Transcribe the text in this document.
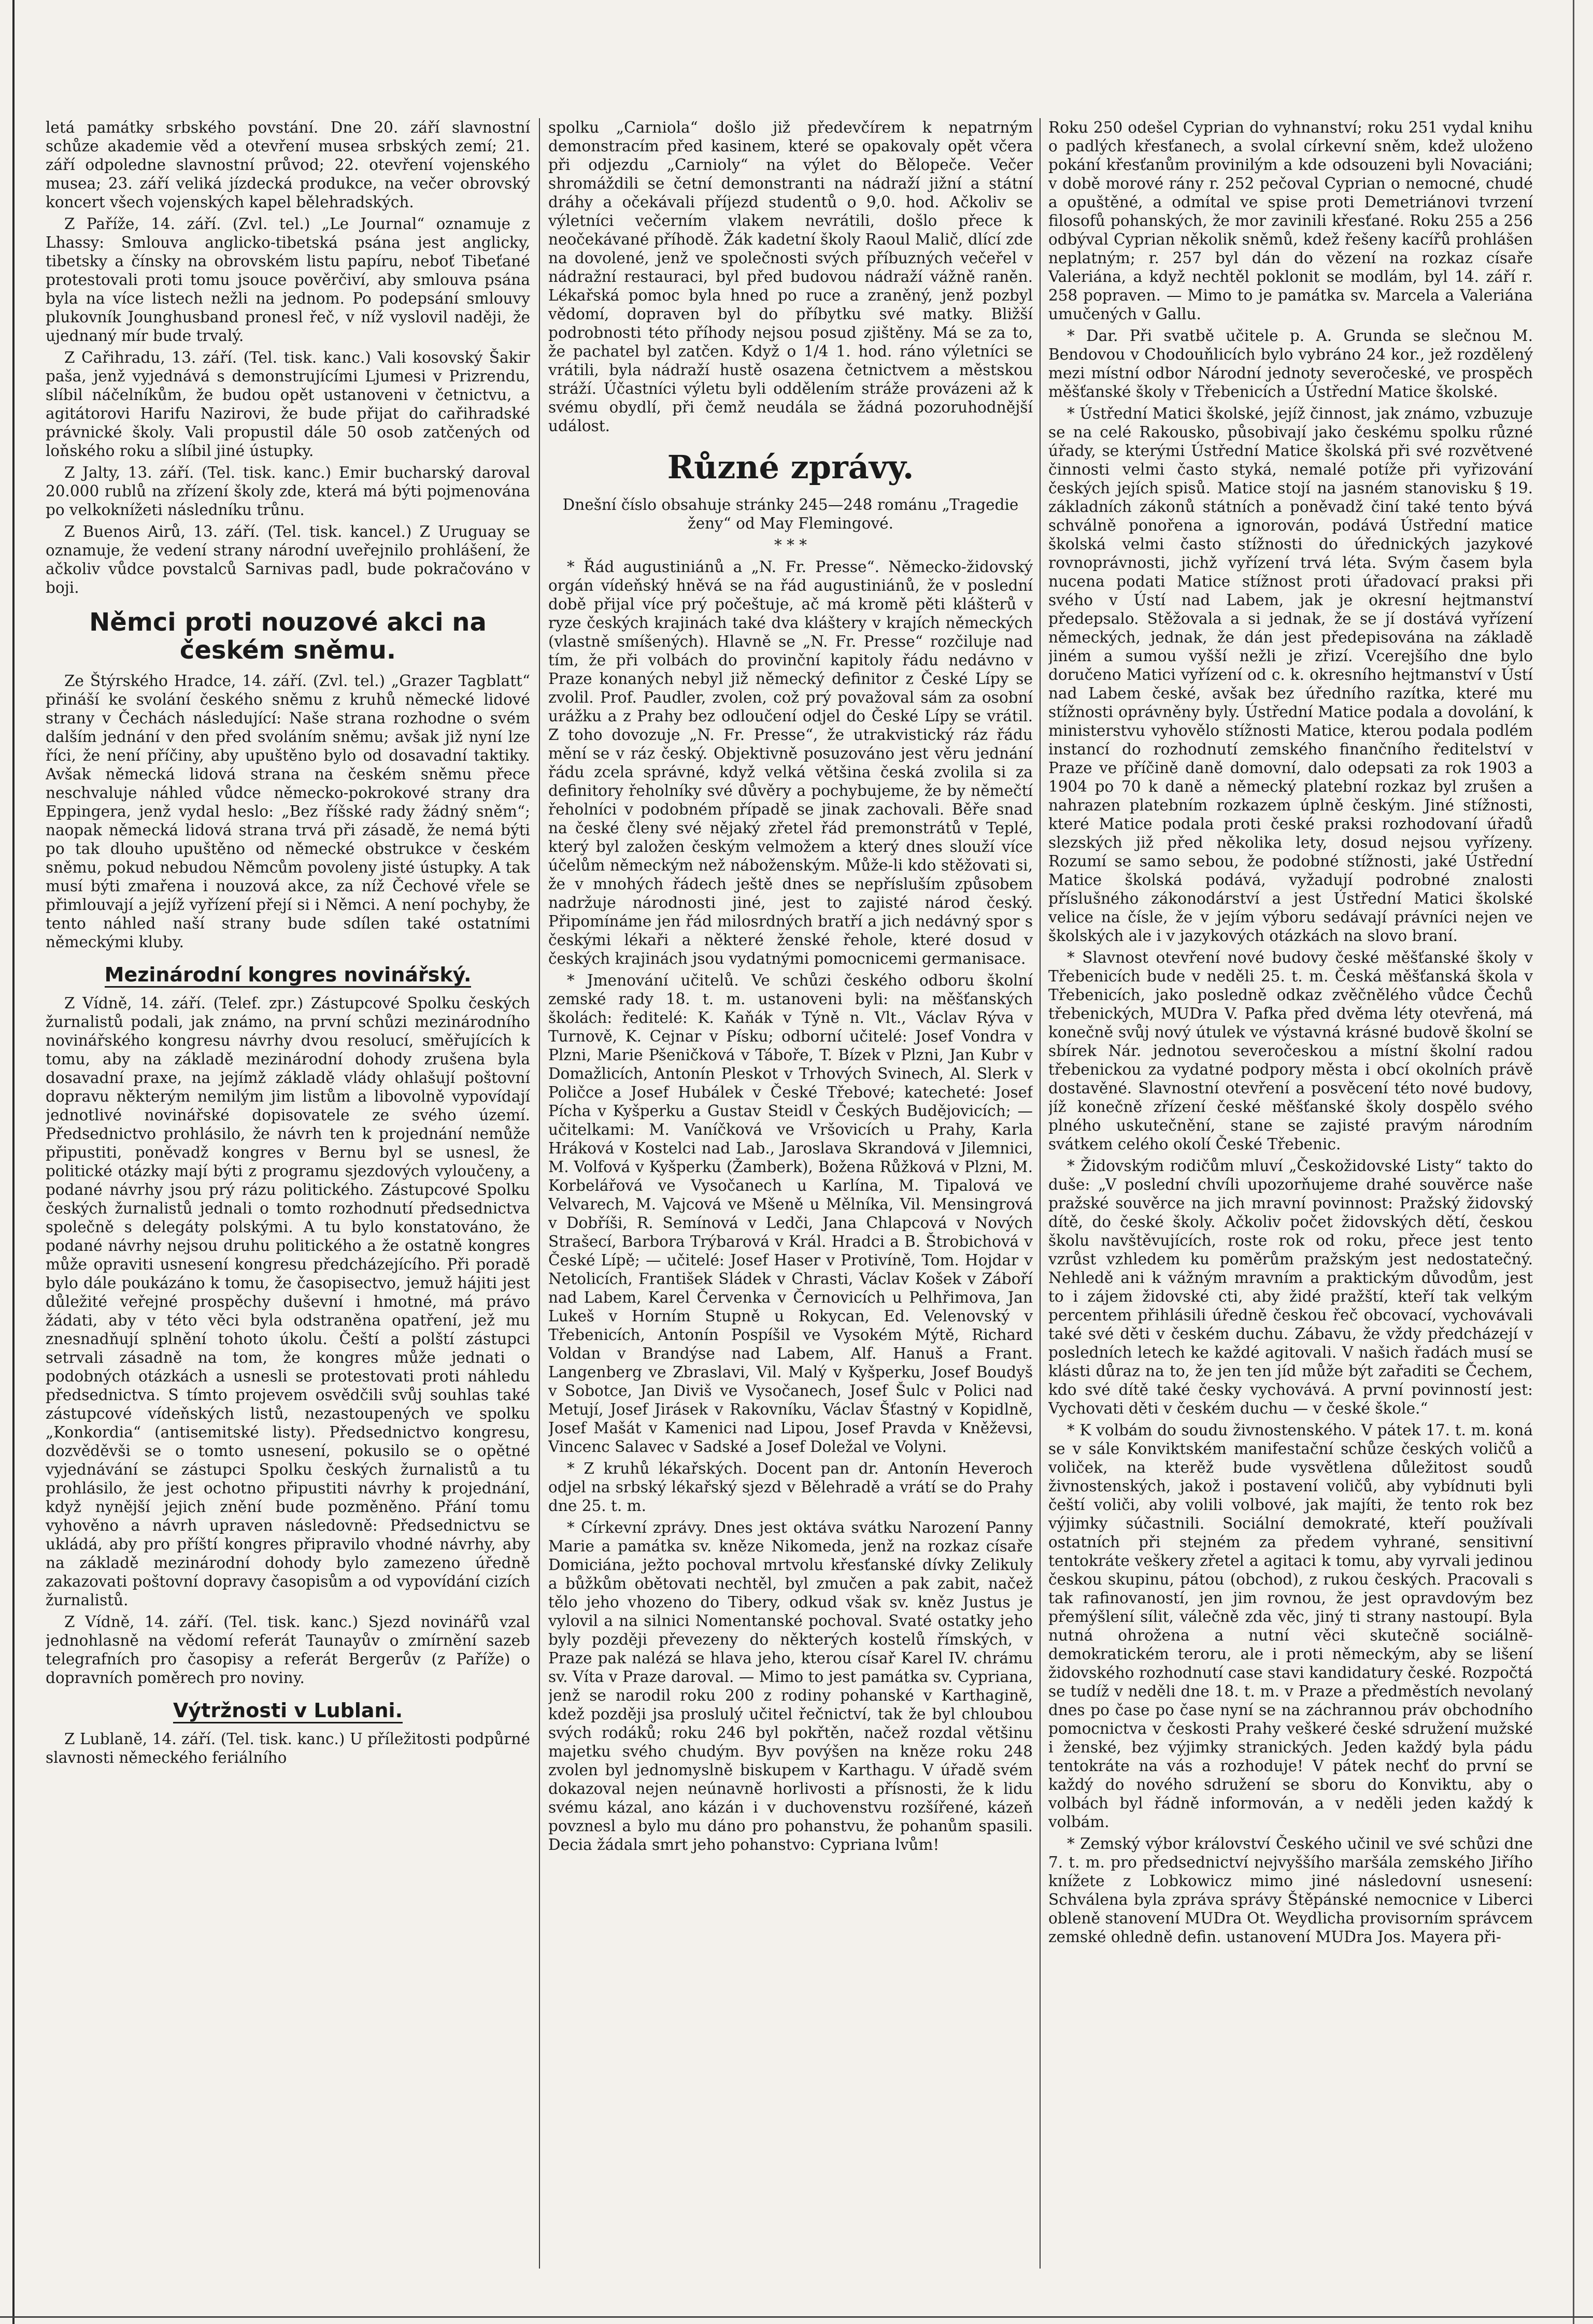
letá památky srbského povstání. Dne 20. září slavnostní schůze akademie věd a otevření musea srbských zemí; 21. září odpoledne slavnostní průvod; 22. otevření vojenského musea; 23. září veliká jízdecká produkce, na večer obrovský koncert všech vojenských kapel bělehradských.

Z Paříže, 14. září. (Zvl. tel.) „Le Journal“ oznamuje z Lhassy: Smlouva anglicko-tibetská psána jest anglicky, tibetsky a čínsky na obrovském listu papíru, neboť Tibeťané protestovali proti tomu jsouce pověrčiví, aby smlouva psána byla na více listech nežli na jednom. Po podepsání smlouvy plukovník Jounghusband pronesl řeč, v níž vyslovil naději, že ujednaný mír bude trvalý.

Z Cařihradu, 13. září. (Tel. tisk. kanc.) Vali kosovský Šakir paša, jenž vyjednává s demonstrujícími Ljumesi v Prizrendu, slíbil náčelníkům, že budou opět ustanoveni v četnictvu, a agitátorovi Harifu Nazirovi, že bude přijat do cařihradské právnické školy. Vali propustil dále 50 osob zatčených od loňského roku a slíbil jiné ústupky.

Z Jalty, 13. září. (Tel. tisk. kanc.) Emir bucharský daroval 20.000 rublů na zřízení školy zde, která má býti pojmenována po velkoknížeti následníku trůnu.

Z Buenos Airů, 13. září. (Tel. tisk. kancel.) Z Uruguay se oznamuje, že vedení strany národní uveřejnilo prohlášení, že ačkoliv vůdce povstalců Sarnivas padl, bude pokračováno v boji.

Němci proti nouzové akci na českém sněmu.

Ze Štýrského Hradce, 14. září. (Zvl. tel.) „Grazer Tagblatt“ přináší ke svolání českého sněmu z kruhů německé lidové strany v Čechách následující: Naše strana rozhodne o svém dalším jednání v den před svoláním sněmu; avšak již nyní lze říci, že není příčiny, aby upuštěno bylo od dosavadní taktiky. Avšak německá lidová strana na českém sněmu přece neschvaluje náhled vůdce německo-pokrokové strany dra Eppingera, jenž vydal heslo: „Bez říšské rady žádný sněm“; naopak německá lidová strana trvá při zásadě, že nemá býti po tak dlouho upuštěno od německé obstrukce v českém sněmu, pokud nebudou Němcům povoleny jisté ústupky. A tak musí býti zmařena i nouzová akce, za níž Čechové vřele se přimlouvají a jejíž vyřízení přejí si i Němci. A není pochyby, že tento náhled naší strany bude sdílen také ostatními německými kluby.

Mezinárodní kongres novinářský.

Z Vídně, 14. září. (Telef. zpr.) Zástupcové Spolku českých žurnalistů podali, jak známo, na první schůzi mezinárodního novinářského kongresu návrhy dvou resolucí, směřujících k tomu, aby na základě mezinárodní dohody zrušena byla dosavadní praxe, na jejímž základě vlády ohlašují poštovní dopravu některým nemilým jim listům a libovolně vypovídají jednotlivé novinářské dopisovatele ze svého území. Předsednictvo prohlásilo, že návrh ten k projednání nemůže připustiti, poněvadž kongres v Bernu byl se usnesl, že politické otázky mají býti z programu sjezdových vyloučeny, a podané návrhy jsou prý rázu politického. Zástupcové Spolku českých žurnalistů jednali o tomto rozhodnutí předsednictva společně s delegáty polskými. A tu bylo konstatováno, že podané návrhy nejsou druhu politického a že ostatně kongres může opraviti usnesení kongresu předcházejícího. Při poradě bylo dále poukázáno k tomu, že časopisectvo, jemuž hájiti jest důležité veřejné prospěchy duševní i hmotné, má právo žádati, aby v této věci byla odstraněna opatření, jež mu znesnadňují splnění tohoto úkolu. Čeští a polští zástupci setrvali zásadně na tom, že kongres může jednati o podobných otázkách a usnesli se protestovati proti náhledu předsednictva. S tímto projevem osvědčili svůj souhlas také zástupcové vídeňských listů, nezastoupených ve spolku „Konkordia“ (antisemitské listy). Předsednictvo kongresu, dozvěděvši se o tomto usnesení, pokusilo se o opětné vyjednávání se zástupci Spolku českých žurnalistů a tu prohlásilo, že jest ochotno připustiti návrhy k projednání, když nynější jejich znění bude pozměněno. Přání tomu vyhověno a návrh upraven následovně: Předsednictvu se ukládá, aby pro příští kongres připravilo vhodné návrhy, aby na základě mezinárodní dohody bylo zamezeno úředně zakazovati poštovní dopravy časopisům a od vypovídání cizích žurnalistů.

Z Vídně, 14. září. (Tel. tisk. kanc.) Sjezd novinářů vzal jednohlasně na vědomí referát Taunayův o zmírnění sazeb telegrafních pro časopisy a referát Bergerův (z Paříže) o dopravních poměrech pro noviny.

Výtržnosti v Lublani.

Z Lublaně, 14. září. (Tel. tisk. kanc.) U příležitosti podpůrné slavnosti německého feriálního

spolku „Carniola“ došlo již předevčírem k nepatrným demonstracím před kasinem, které se opakovaly opět včera při odjezdu „Carnioly“ na výlet do Bělopeče. Večer shromáždili se četní demonstranti na nádraží jižní a státní dráhy a očekávali příjezd studentů o 9,0. hod. Ačkoliv se výletníci večerním vlakem nevrátili, došlo přece k neočekávané příhodě. Žák kadetní školy Raoul Malič, dlící zde na dovolené, jenž ve společnosti svých příbuzných večeřel v nádražní restauraci, byl před budovou nádraží vážně raněn. Lékařská pomoc byla hned po ruce a zraněný, jenž pozbyl vědomí, dopraven byl do příbytku své matky. Bližší podrobnosti této příhody nejsou posud zjištěny. Má se za to, že pachatel byl zatčen. Když o 1/4 1. hod. ráno výletníci se vrátili, byla nádraží hustě osazena četnictvem a městskou stráží. Účastníci výletu byli oddělením stráže provázeni až k svému obydlí, při čemž neudála se žádná pozoruhodnější událost.

Různé zprávy.

Dnešní číslo obsahuje stránky 245—248 románu „Tragedie ženy“ od May Flemingové.

* * *

* Řád augustiniánů a „N. Fr. Presse“. Německo-židovský orgán vídeňský hněvá se na řád augustiniánů, že v poslední době přijal více prý počeštuje, ač má kromě pěti klášterů v ryze českých krajinách také dva kláštery v krajích německých (vlastně smíšených). Hlavně se „N. Fr. Presse“ rozčiluje nad tím, že při volbách do provinční kapitoly řádu nedávno v Praze konaných nebyl již německý definitor z České Lípy se zvolil. Prof. Paudler, zvolen, což prý považoval sám za osobní urážku a z Prahy bez odloučení odjel do České Lípy se vrátil. Z toho dovozuje „N. Fr. Presse“, že utrakvistický ráz řádu mění se v ráz český. Objektivně posuzováno jest věru jednání řádu zcela správné, když velká většina česká zvolila si za definitory řeholníky své důvěry a pochybujeme, že by němečtí řeholníci v podobném případě se jinak zachovali. Běře snad na české členy své nějaký zřetel řád premonstrátů v Teplé, který byl založen českým velmožem a který dnes slouží více účelům německým než náboženským. Může-li kdo stěžovati si, že v mnohých řádech ještě dnes se nepřísluším způsobem nadržuje národnosti jiné, jest to zajisté národ český. Připomínáme jen řád milosrdných bratří a jich nedávný spor s českými lékaři a některé ženské řehole, které dosud v českých krajinách jsou vydatnými pomocnicemi germanisace.

* Jmenování učitelů. Ve schůzi českého odboru školní zemské rady 18. t. m. ustanoveni byli: na měšťanských školách: ředitelé: K. Kaňák v Týně n. Vlt., Václav Rýva v Turnově, K. Cejnar v Písku; odborní učitelé: Josef Vondra v Plzni, Marie Pšeničková v Táboře, T. Bízek v Plzni, Jan Kubr v Domažlicích, Antonín Pleskot v Trhových Svinech, Al. Slerk v Poličce a Josef Hubálek v České Třebové; katecheté: Josef Pícha v Kyšperku a Gustav Steidl v Českých Budějovicích; — učitelkami: M. Vaníčková ve Vršovicích u Prahy, Karla Hráková v Kostelci nad Lab., Jaroslava Skrandová v Jilemnici, M. Volfová v Kyšperku (Žamberk), Božena Růžková v Plzni, M. Korbelářová ve Vysočanech u Karlína, M. Tipalová ve Velvarech, M. Vajcová ve Mšeně u Mělníka, Vil. Mensingrová v Dobříši, R. Semínová v Ledči, Jana Chlapcová v Nových Strašecí, Barbora Trýbarová v Král. Hradci a B. Štrobichová v České Lípě; — učitelé: Josef Haser v Protivíně, Tom. Hojdar v Netolicích, František Sládek v Chrasti, Václav Košek v Záboří nad Labem, Karel Červenka v Černovicích u Pelhřimova, Jan Lukeš v Horním Stupně u Rokycan, Ed. Velenovský v Třebenicích, Antonín Pospíšil ve Vysokém Mýtě, Richard Voldan v Brandýse nad Labem, Alf. Hanuš a Frant. Langenberg ve Zbraslavi, Vil. Malý v Kyšperku, Josef Boudyš v Sobotce, Jan Diviš ve Vysočanech, Josef Šulc v Polici nad Metují, Josef Jirásek v Rakovníku, Václav Šťastný v Kopidlně, Josef Mašát v Kamenici nad Lipou, Josef Pravda v Kněževsi, Vincenc Salavec v Sadské a Josef Doležal ve Volyni.

* Z kruhů lékařských. Docent pan dr. Antonín Heveroch odjel na srbský lékařský sjezd v Bělehradě a vrátí se do Prahy dne 25. t. m.

* Církevní zprávy. Dnes jest oktáva svátku Narození Panny Marie a památka sv. kněze Nikomeda, jenž na rozkaz císaře Domiciána, ježto pochoval mrtvolu křesťanské dívky Zelikuly a bůžkům obětovati nechtěl, byl zmučen a pak zabit, načež tělo jeho vhozeno do Tibery, odkud však sv. kněz Justus je vylovil a na silnici Nomentanské pochoval. Svaté ostatky jeho byly později převezeny do některých kostelů římských, v Praze pak nalézá se hlava jeho, kterou císař Karel IV. chrámu sv. Víta v Praze daroval. — Mimo to jest památka sv. Cypriana, jenž se narodil roku 200 z rodiny pohanské v Karthagině, kdež později jsa proslulý učitel řečnictví, tak že byl chloubou svých rodáků; roku 246 byl pokřtěn, načež rozdal většinu majetku svého chudým. Byv povýšen na kněze roku 248 zvolen byl jednomyslně biskupem v Karthagu. V úřadě svém dokazoval nejen neúnavně horlivosti a přísnosti, že k lidu svému kázal, ano kázán i v duchovenstvu rozšířené, kázeň povznesl a bylo mu dáno pro pohanstvu, že pohanům spasili. Decia žádala smrt jeho pohanstvo: Cypriana lvům!

Roku 250 odešel Cyprian do vyhnanství; roku 251 vydal knihu o padlých křesťanech, a svolal církevní sněm, kdež uloženo pokání křesťanům provinilým a kde odsouzeni byli Novaciáni; v době morové rány r. 252 pečoval Cyprian o nemocné, chudé a opuštěné, a odmítal ve spise proti Demetriánovi tvrzení filosofů pohanských, že mor zavinili křesťané. Roku 255 a 256 odbýval Cyprian několik sněmů, kdež řešeny kacířů prohlášen neplatným; r. 257 byl dán do vězení na rozkaz císaře Valeriána, a když nechtěl poklonit se modlám, byl 14. září r. 258 popraven. — Mimo to je památka sv. Marcela a Valeriána umučených v Gallu.

* Dar. Při svatbě učitele p. A. Grunda se slečnou M. Bendovou v Chodouňlicích bylo vybráno 24 kor., jež rozdělený mezi místní odbor Národní jednoty severočeské, ve prospěch měšťanské školy v Třebenicích a Ústřední Matice školské.

* Ústřední Matici školské, jejíž činnost, jak známo, vzbuzuje se na celé Rakousko, působivají jako českému spolku různé úřady, se kterými Ústřední Matice školská při své rozvětvené činnosti velmi často styká, nemalé potíže při vyřizování českých jejích spisů. Matice stojí na jasném stanovisku § 19. základních zákonů státních a poněvadž činí také tento bývá schválně ponořena a ignorován, podává Ústřední matice školská velmi často stížnosti do úřednických jazykové rovnoprávnosti, jichž vyřízení trvá léta. Svým časem byla nucena podati Matice stížnost proti úřadovací praksi při svého v Ústí nad Labem, jak je okresní hejtmanství předepsalo. Stěžovala a si jednak, že se jí dostává vyřízení německých, jednak, že dán jest předepisována na základě jiném a sumou vyšší nežli je zřizí. Vcerejšího dne bylo doručeno Matici vyřízení od c. k. okresního hejtmanství v Ústí nad Labem české, avšak bez úředního razítka, které mu stížnosti oprávněny byly. Ústřední Matice podala a dovolání, k ministerstvu vyhovělo stížnosti Matice, kterou podala podlém instancí do rozhodnutí zemského finančního ředitelství v Praze ve příčině daně domovní, dalo odepsati za rok 1903 a 1904 po 70 k daně a německý platební rozkaz byl zrušen a nahrazen platebním rozkazem úplně českým. Jiné stížnosti, které Matice podala proti české praksi rozhodovaní úřadů slezských již před několika lety, dosud nejsou vyřízeny. Rozumí se samo sebou, že podobné stížnosti, jaké Ústřední Matice školská podává, vyžadují podrobné znalosti příslušného zákonodárství a jest Ústřední Matici školské velice na čísle, že v jejím výboru sedávají právníci nejen ve školských ale i v jazykových otázkách na slovo braní.

* Slavnost otevření nové budovy české měšťanské školy v Třebenicích bude v neděli 25. t. m. Česká měšťanská škola v Třebenicích, jako posledně odkaz zvěčnělého vůdce Čechů třebenických, MUDra V. Pafka před dvěma léty otevřená, má konečně svůj nový útulek ve výstavná krásné budově školní se sbírek Nár. jednotou severočeskou a místní školní radou třebenickou za vydatné podpory města i obcí okolních právě dostavěné. Slavnostní otevření a posvěcení této nové budovy, jíž konečně zřízení české měšťanské školy dospělo svého plného uskutečnění, stane se zajisté pravým národním svátkem celého okolí České Třebenic.

* Židovským rodičům mluví „Českožidovské Listy“ takto do duše: „V poslední chvíli upozorňujeme drahé souvěrce naše pražské souvěrce na jich mravní povinnost: Pražský židovský dítě, do české školy. Ačkoliv počet židovských dětí, českou školu navštěvujících, roste rok od roku, přece jest tento vzrůst vzhledem ku poměrům pražským jest nedostatečný. Nehledě ani k vážným mravním a praktickým důvodům, jest to i zájem židovské cti, aby židé pražští, kteří tak velkým percentem přihlásili úředně českou řeč obcovací, vychovávali také své děti v českém duchu. Zábavu, že vždy předcházejí v posledních letech ke každé agitovali. V našich řadách musí se klásti důraz na to, že jen ten jíd může být zařaditi se Čechem, kdo své dítě také česky vychovává. A první povinností jest: Vychovati děti v českém duchu — v české škole.“

* K volbám do soudu živnostenského. V pátek 17. t. m. koná se v sále Konviktském manifestační schůze českých voličů a voliček, na kterěž bude vysvětlena důležitost soudů živnostenských, jakož i postavení voličů, aby vybídnuti byli čeští voliči, aby volili volbové, jak majíti, že tento rok bez výjimky súčastnili. Sociální demokraté, kteří používali ostatních při stejném za předem vyhrané, sensitivní tentokráte veškery zřetel a agitaci k tomu, aby vyrvali jedinou českou skupinu, pátou (obchod), z rukou českých. Pracovali s tak rafinovaností, jen jim rovnou, že jest opravdovým bez přemýšlení sílit, válečně zda věc, jiný ti strany nastoupí. Byla nutná ohrožena a nutní věci skutečně sociálně-demokratickém teroru, ale i proti německým, aby se lišení židovského rozhodnutí case stavi kandidatury české. Rozpočtá se tudíž v neděli dne 18. t. m. v Praze a předměstích nevolaný dnes po čase po čase nyní se na záchrannou práv obchodního pomocnictva v českosti Prahy veškeré české sdružení mužské i ženské, bez výjimky stranických. Jeden každý byla pádu tentokráte na vás a rozhoduje! V pátek nechť do první se každý do nového sdružení se sboru do Konviktu, aby o volbách byl řádně informován, a v neděli jeden každý k volbám.

* Zemský výbor království Českého učinil ve své schůzi dne 7. t. m. pro předsednictví nejvyššího maršála zemského Jiřího knížete z Lobkowicz mimo jiné následovní usnesení: Schválena byla zpráva správy Štěpánské nemocnice v Liberci obleně stanovení MUDra Ot. Weydlicha provisorním správcem zemské ohledně defin. ustanovení MUDra Jos. Mayera při-
